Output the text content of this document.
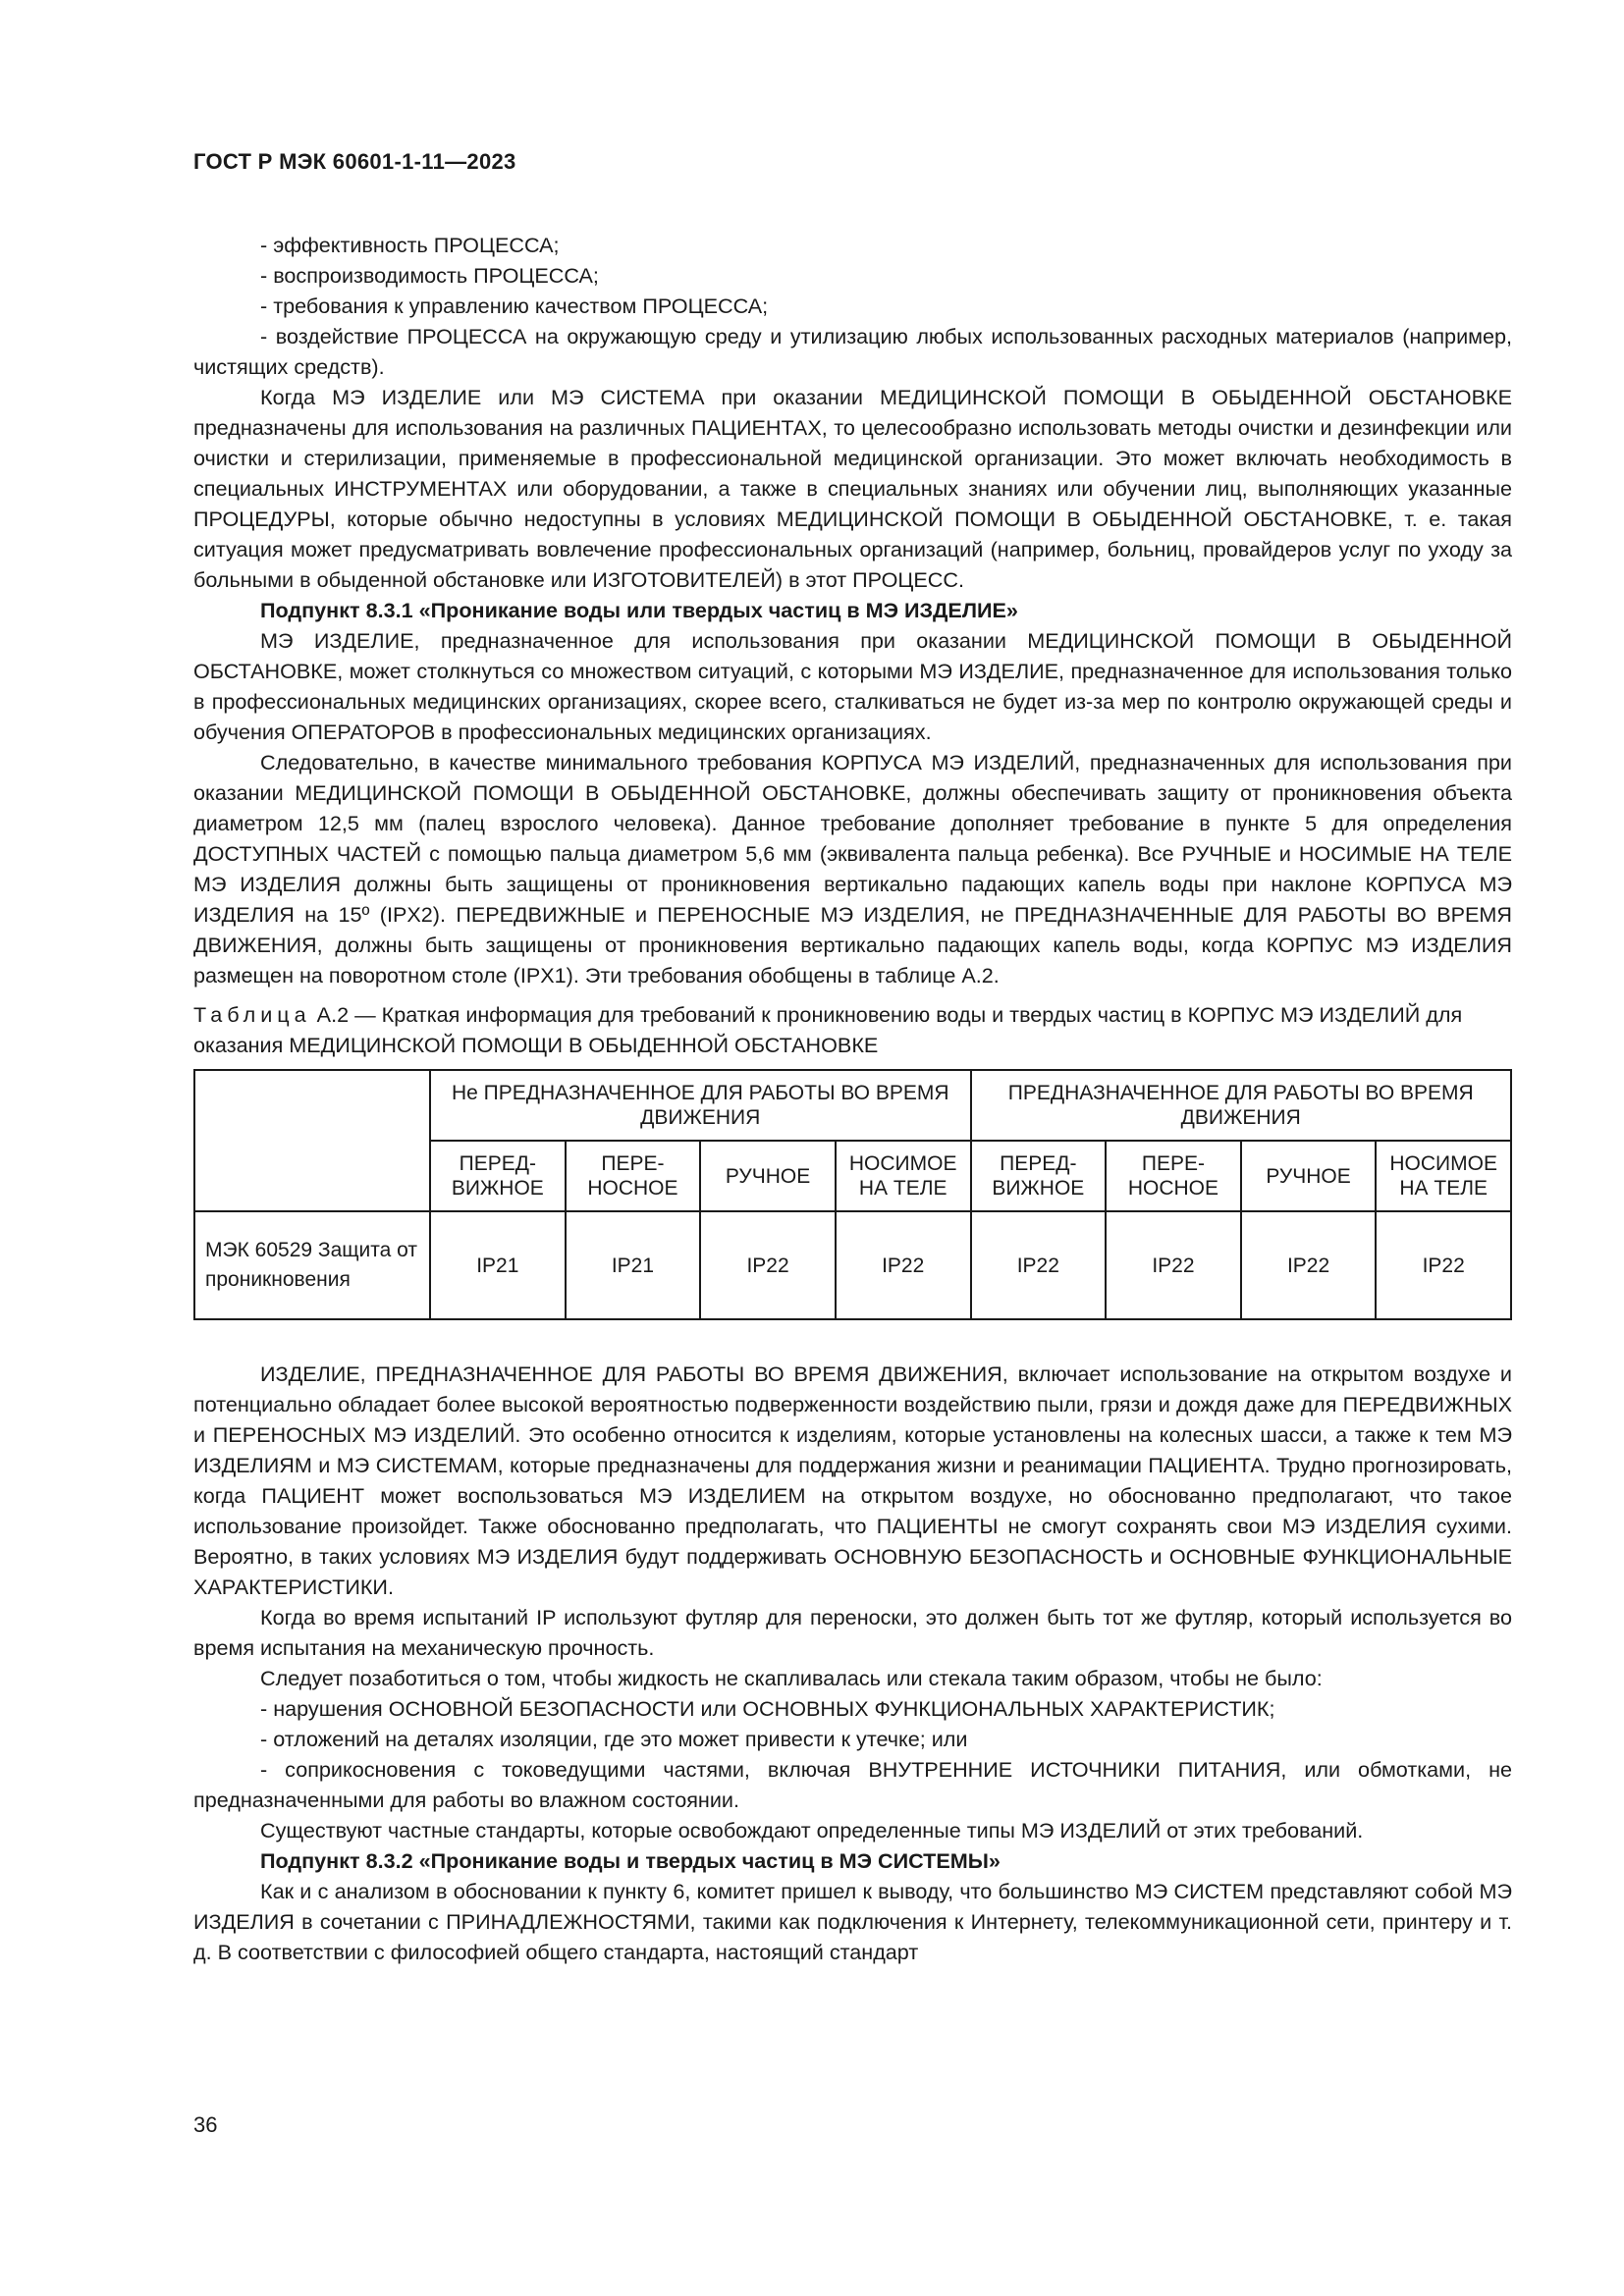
ГОСТ Р МЭК 60601-1-11—2023

- эффективность ПРОЦЕССА;

- воспроизводимость ПРОЦЕССА;

- требования к управлению качеством ПРОЦЕССА;

- воздействие ПРОЦЕССА на окружающую среду и утилизацию любых использованных расходных материалов (например, чистящих средств).

Когда МЭ ИЗДЕЛИЕ или МЭ СИСТЕМА при оказании МЕДИЦИНСКОЙ ПОМОЩИ В ОБЫДЕННОЙ ОБСТАНОВКЕ предназначены для использования на различных ПАЦИЕНТАХ, то целесообразно использовать методы очистки и дезинфекции или очистки и стерилизации, применяемые в профессиональной медицинской организации. Это может включать необходимость в специальных ИНСТРУМЕНТАХ или оборудовании, а также в специальных знаниях или обучении лиц, выполняющих указанные ПРОЦЕДУРЫ, которые обычно недоступны в условиях МЕДИЦИНСКОЙ ПОМОЩИ В ОБЫДЕННОЙ ОБСТАНОВКЕ, т. е. такая ситуация может предусматривать вовлечение профессиональных организаций (например, больниц, провайдеров услуг по уходу за больными в обыденной обстановке или ИЗГОТОВИТЕЛЕЙ) в этот ПРОЦЕСС.

Подпункт 8.3.1 «Проникание воды или твердых частиц в МЭ ИЗДЕЛИЕ»

МЭ ИЗДЕЛИЕ, предназначенное для использования при оказании МЕДИЦИНСКОЙ ПОМОЩИ В ОБЫДЕННОЙ ОБСТАНОВКЕ, может столкнуться со множеством ситуаций, с которыми МЭ ИЗДЕЛИЕ, предназначенное для использования только в профессиональных медицинских организациях, скорее всего, сталкиваться не будет из-за мер по контролю окружающей среды и обучения ОПЕРАТОРОВ в профессиональных медицинских организациях.

Следовательно, в качестве минимального требования КОРПУСА МЭ ИЗДЕЛИЙ, предназначенных для использования при оказании МЕДИЦИНСКОЙ ПОМОЩИ В ОБЫДЕННОЙ ОБСТАНОВКЕ, должны обеспечивать защиту от проникновения объекта диаметром 12,5 мм (палец взрослого человека). Данное требование дополняет требование в пункте 5 для определения ДОСТУПНЫХ ЧАСТЕЙ с помощью пальца диаметром 5,6 мм (эквивалента пальца ребенка). Все РУЧНЫЕ и НОСИМЫЕ НА ТЕЛЕ МЭ ИЗДЕЛИЯ должны быть защищены от проникновения вертикально падающих капель воды при наклоне КОРПУСА МЭ ИЗДЕЛИЯ на 15º (IPX2). ПЕРЕДВИЖНЫЕ и ПЕРЕНОСНЫЕ МЭ ИЗДЕЛИЯ, не ПРЕДНАЗНАЧЕННЫЕ ДЛЯ РАБОТЫ ВО ВРЕМЯ ДВИЖЕНИЯ, должны быть защищены от проникновения вертикально падающих капель воды, когда КОРПУС МЭ ИЗДЕЛИЯ размещен на поворотном столе (IPX1). Эти требования обобщены в таблице А.2.

Таблица А.2 — Краткая информация для требований к проникновению воды и твердых частиц в КОРПУС МЭ ИЗДЕЛИЙ для оказания МЕДИЦИНСКОЙ ПОМОЩИ В ОБЫДЕННОЙ ОБСТАНОВКЕ

	Не ПРЕДНАЗНАЧЕННОЕ ДЛЯ РАБОТЫ ВО ВРЕМЯ ДВИЖЕНИЯ				ПРЕДНАЗНАЧЕННОЕ ДЛЯ РАБОТЫ ВО ВРЕМЯ ДВИЖЕНИЯ			
	ПЕРЕД-ВИЖНОЕ	ПЕРЕ-НОСНОЕ	РУЧНОЕ	НОСИМОЕ НА ТЕЛЕ	ПЕРЕД-ВИЖНОЕ	ПЕРЕ-НОСНОЕ	РУЧНОЕ	НОСИМОЕ НА ТЕЛЕ
МЭК 60529 Защита от проникновения	IP21	IP21	IP22	IP22	IP22	IP22	IP22	IP22

ИЗДЕЛИЕ, ПРЕДНАЗНАЧЕННОЕ ДЛЯ РАБОТЫ ВО ВРЕМЯ ДВИЖЕНИЯ, включает использование на открытом воздухе и потенциально обладает более высокой вероятностью подверженности воздействию пыли, грязи и дождя даже для ПЕРЕДВИЖНЫХ и ПЕРЕНОСНЫХ МЭ ИЗДЕЛИЙ. Это особенно относится к изделиям, которые установлены на колесных шасси, а также к тем МЭ ИЗДЕЛИЯМ и МЭ СИСТЕМАМ, которые предназначены для поддержания жизни и реанимации ПАЦИЕНТА. Трудно прогнозировать, когда ПАЦИЕНТ может воспользоваться МЭ ИЗДЕЛИЕМ на открытом воздухе, но обоснованно предполагают, что такое использование произойдет. Также обоснованно предполагать, что ПАЦИЕНТЫ не смогут сохранять свои МЭ ИЗДЕЛИЯ сухими. Вероятно, в таких условиях МЭ ИЗДЕЛИЯ будут поддерживать ОСНОВНУЮ БЕЗОПАСНОСТЬ и ОСНОВНЫЕ ФУНКЦИОНАЛЬНЫЕ ХАРАКТЕРИСТИКИ.

Когда во время испытаний IP используют футляр для переноски, это должен быть тот же футляр, который используется во время испытания на механическую прочность.

Следует позаботиться о том, чтобы жидкость не скапливалась или стекала таким образом, чтобы не было:

- нарушения ОСНОВНОЙ БЕЗОПАСНОСТИ или ОСНОВНЫХ ФУНКЦИОНАЛЬНЫХ ХАРАКТЕРИСТИК;

- отложений на деталях изоляции, где это может привести к утечке; или

- соприкосновения с токоведущими частями, включая ВНУТРЕННИЕ ИСТОЧНИКИ ПИТАНИЯ, или обмотками, не предназначенными для работы во влажном состоянии.

Существуют частные стандарты, которые освобождают определенные типы МЭ ИЗДЕЛИЙ от этих требований.

Подпункт 8.3.2 «Проникание воды и твердых частиц в МЭ СИСТЕМЫ»

Как и с анализом в обосновании к пункту 6, комитет пришел к выводу, что большинство МЭ СИСТЕМ представляют собой МЭ ИЗДЕЛИЯ в сочетании с ПРИНАДЛЕЖНОСТЯМИ, такими как подключения к Интернету, телекоммуникационной сети, принтеру и т. д. В соответствии с философией общего стандарта, настоящий стандарт

36
